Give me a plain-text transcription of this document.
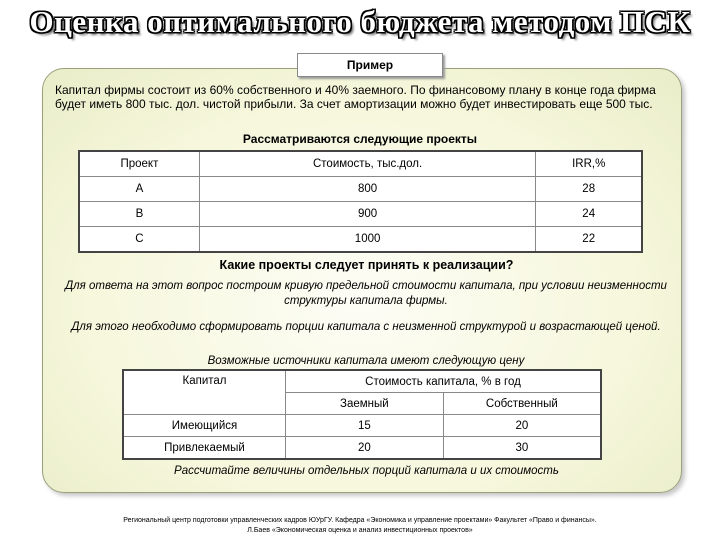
Оценка оптимального бюджета методом ПСК
Пример
Капитал фирмы состоит из 60% собственного и 40% заемного. По финансовому плану в конце года фирма будет иметь 800 тыс. дол. чистой прибыли. За счет амортизации можно будет инвестировать еще 500 тыс.
Рассматриваются следующие проекты
Проект	Стоимость, тыс.дол.	IRR,%
A	800	28
B	900	24
C	1000	22
Какие проекты следует принять к реализации?
Для ответа на этот вопрос построим кривую предельной стоимости капитала, при условии неизменности структуры капитала фирмы.
Для этого необходимо сформировать порции капитала с неизменной структурой и возрастающей ценой.
Возможные источники капитала имеют следующую цену
Капитал	Стоимость капитала, % в год	
	Заемный	Собственный
Имеющийся	15	20
Привлекаемый	20	30
Рассчитайте величины отдельных порций капитала и их стоимость
Региональный центр подготовки управленческих кадров ЮУрГУ. Кафедра «Экономика и управление проектами» Факультет «Право и финансы».
Л.Баев «Экономическая оценка и анализ инвестиционных проектов»
